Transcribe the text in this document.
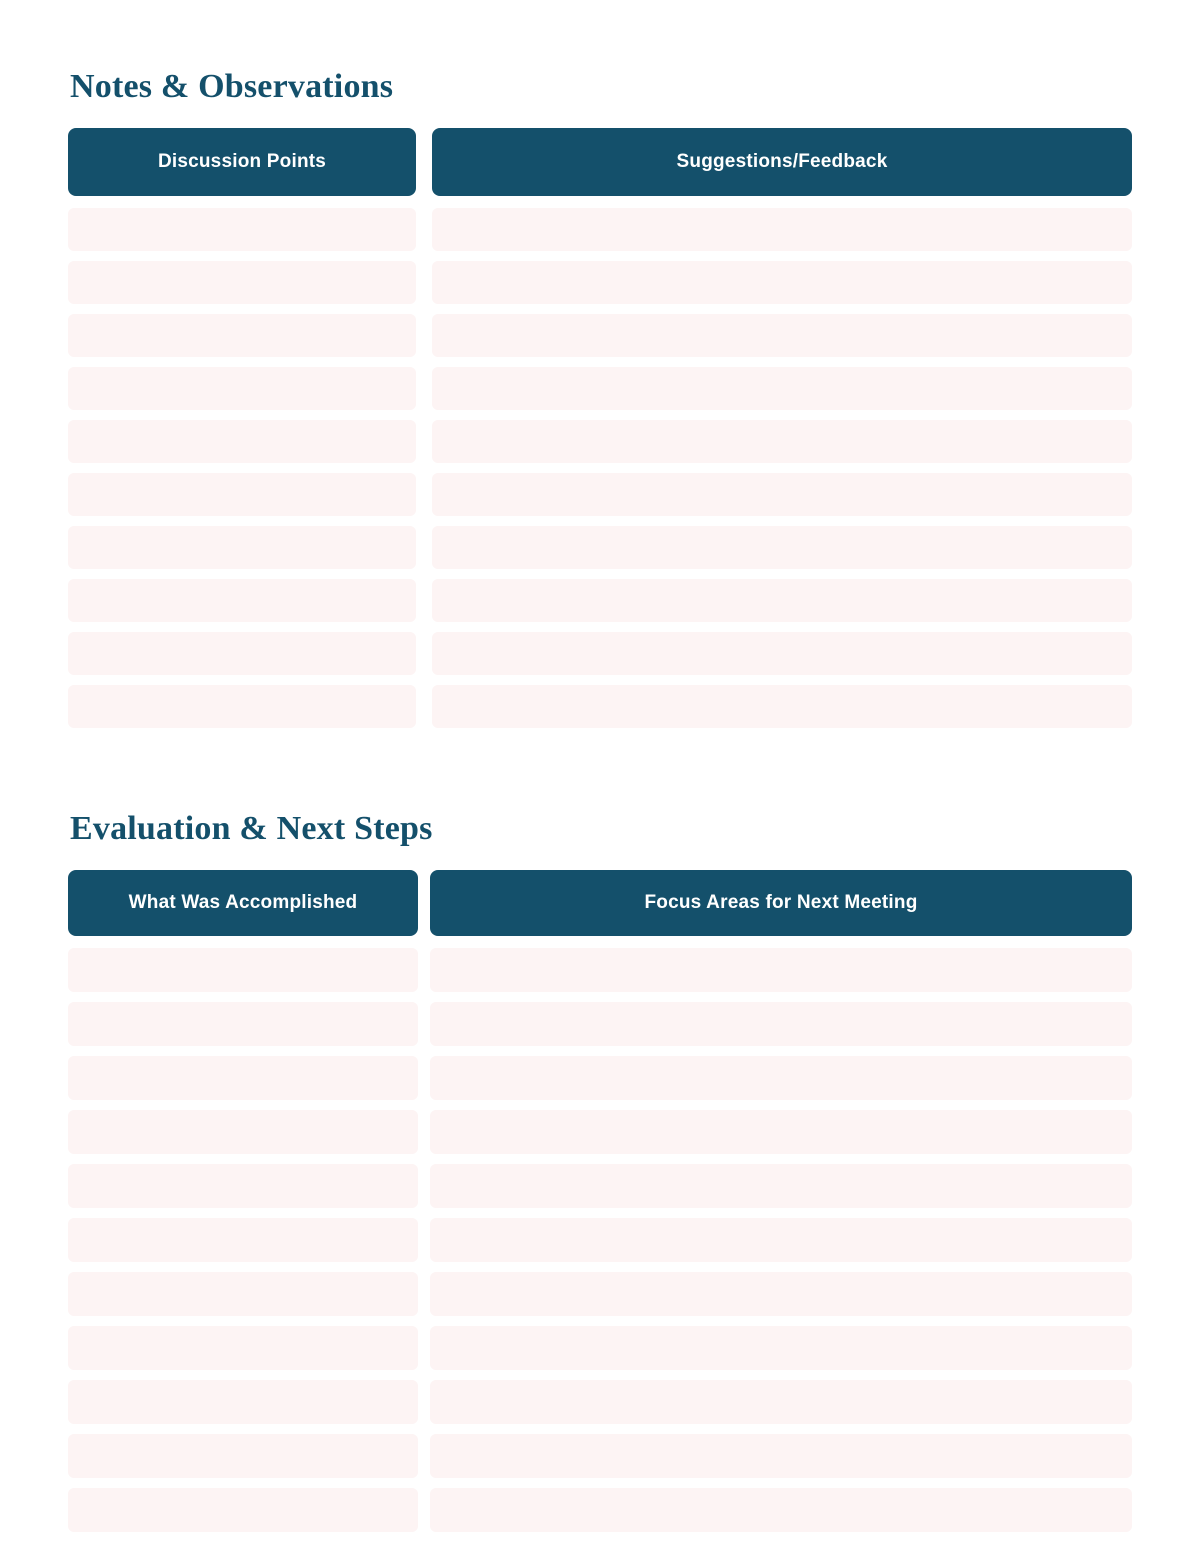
Notes & Observations
Discussion Points	Suggestions/Feedback
Evaluation & Next Steps
What Was Accomplished	Focus Areas for Next Meeting
